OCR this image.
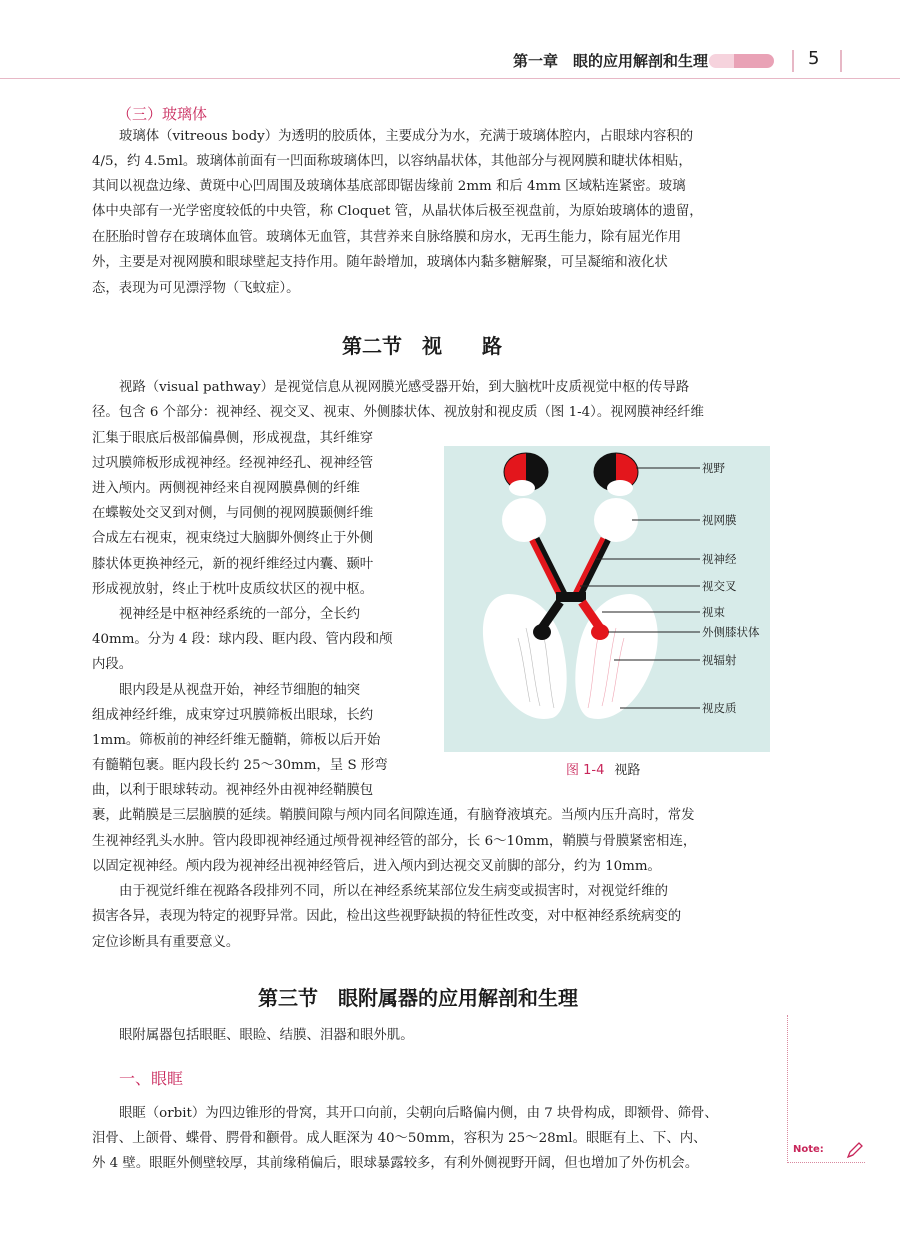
第一章　眼的应用解剖和生理	5
（三）玻璃体
玻璃体（vitreous body）为透明的胶质体，主要成分为水，充满于玻璃体腔内，占眼球内容积的
4/5，约 4.5ml。玻璃体前面有一凹面称玻璃体凹，以容纳晶状体，其他部分与视网膜和睫状体相贴，
其间以视盘边缘、黄斑中心凹周围及玻璃体基底部即锯齿缘前 2mm 和后 4mm 区域粘连紧密。玻璃
体中央部有一光学密度较低的中央管，称 Cloquet 管，从晶状体后极至视盘前，为原始玻璃体的遗留，
在胚胎时曾存在玻璃体血管。玻璃体无血管，其营养来自脉络膜和房水，无再生能力，除有屈光作用
外，主要是对视网膜和眼球壁起支持作用。随年龄增加，玻璃体内黏多糖解聚，可呈凝缩和液化状
态，表现为可见漂浮物（飞蚊症）。
第二节　视　　路
视路（visual pathway）是视觉信息从视网膜光感受器开始，到大脑枕叶皮质视觉中枢的传导路
径。包含 6 个部分：视神经、视交叉、视束、外侧膝状体、视放射和视皮质（图 1-4）。视网膜神经纤维
汇集于眼底后极部偏鼻侧，形成视盘，其纤维穿
过巩膜筛板形成视神经。经视神经孔、视神经管
进入颅内。两侧视神经来自视网膜鼻侧的纤维
在蝶鞍处交叉到对侧，与同侧的视网膜颞侧纤维
合成左右视束，视束绕过大脑脚外侧终止于外侧
膝状体更换神经元，新的视纤维经过内囊、颞叶
形成视放射，终止于枕叶皮质纹状区的视中枢。
视神经是中枢神经系统的一部分，全长约
40mm。分为 4 段：球内段、眶内段、管内段和颅
内段。
眼内段是从视盘开始，神经节细胞的轴突
组成神经纤维，成束穿过巩膜筛板出眼球，长约
1mm。筛板前的神经纤维无髓鞘，筛板以后开始
有髓鞘包裹。眶内段长约 25～30mm，呈 S 形弯
曲，以利于眼球转动。视神经外由视神经鞘膜包
裹，此鞘膜是三层脑膜的延续。鞘膜间隙与颅内同名间隙连通，有脑脊液填充。当颅内压升高时，常发
生视神经乳头水肿。管内段即视神经通过颅骨视神经管的部分，长 6～10mm，鞘膜与骨膜紧密相连，
以固定视神经。颅内段为视神经出视神经管后，进入颅内到达视交叉前脚的部分，约为 10mm。
由于视觉纤维在视路各段排列不同，所以在神经系统某部位发生病变或损害时，对视觉纤维的
损害各异，表现为特定的视野异常。因此，检出这些视野缺损的特征性改变，对中枢神经系统病变的
定位诊断具有重要意义。
视野
视网膜
视神经
视交叉
视束
外侧膝状体
视辐射
视皮质
图 1-4 视路
第三节　眼附属器的应用解剖和生理
眼附属器包括眼眶、眼睑、结膜、泪器和眼外肌。
一、眼眶
眼眶（orbit）为四边锥形的骨窝，其开口向前，尖朝向后略偏内侧，由 7 块骨构成，即额骨、筛骨、
泪骨、上颌骨、蝶骨、腭骨和颧骨。成人眶深为 40～50mm，容积为 25～28ml。眼眶有上、下、内、
外 4 壁。眼眶外侧壁较厚，其前缘稍偏后，眼球暴露较多，有利外侧视野开阔，但也增加了外伤机会。
Note:
